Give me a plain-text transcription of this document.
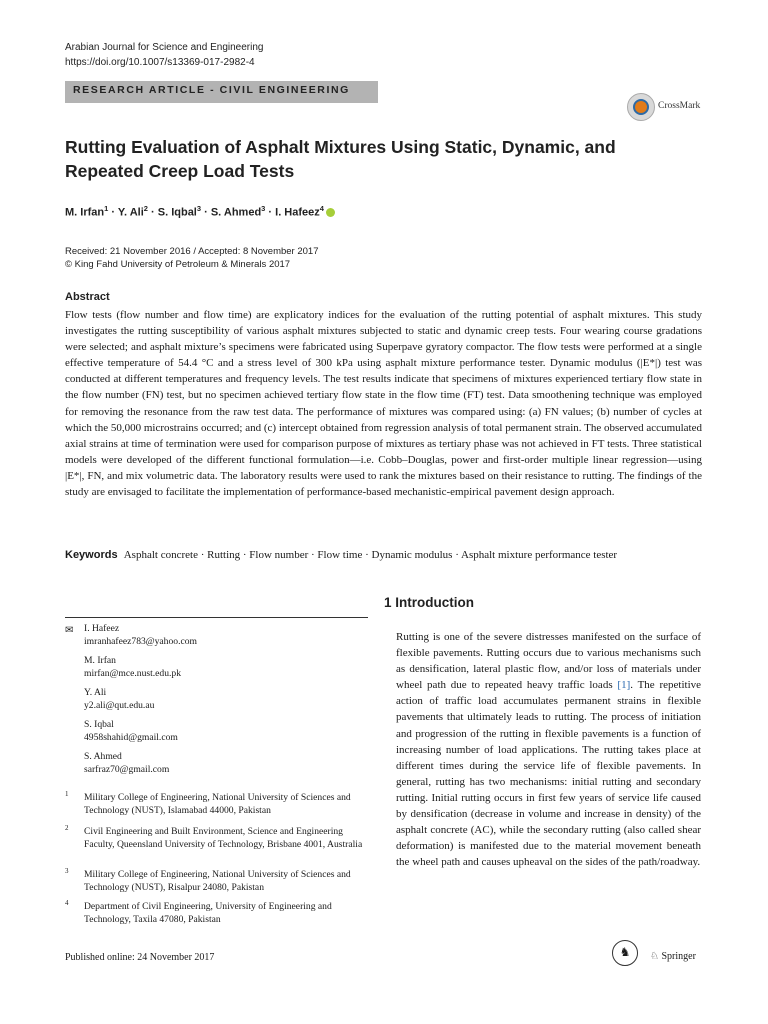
Arabian Journal for Science and Engineering
https://doi.org/10.1007/s13369-017-2982-4
RESEARCH ARTICLE - CIVIL ENGINEERING
CrossMark
Rutting Evaluation of Asphalt Mixtures Using Static, Dynamic, and Repeated Creep Load Tests
M. Irfan$^1$ · Y. Ali$^2$ · S. Iqbal$^3$ · S. Ahmed$^3$ · I. Hafeez$^4$
Received: 21 November 2016 / Accepted: 8 November 2017
© King Fahd University of Petroleum & Minerals 2017
Abstract
Flow tests (flow number and flow time) are explicatory indices for the evaluation of the rutting potential of asphalt mixtures. This study investigates the rutting susceptibility of various asphalt mixtures subjected to static and dynamic creep tests. Four wearing course gradations were selected; and asphalt mixture’s specimens were fabricated using Superpave gyratory compactor. The flow tests were performed at a single effective temperature of 54.4 °C and a stress level of 300 kPa using asphalt mixture performance tester. Dynamic modulus (|E*|) test was conducted at different temperatures and frequency levels. The test results indicate that specimens of mixtures experienced tertiary flow state in the flow number (FN) test, but no specimen achieved tertiary flow state in the flow time (FT) test. Data smoothening technique was employed for removing the resonance from the raw test data. The performance of mixtures was compared using: (a) FN values; (b) number of cycles at which the 50,000 microstrains occurred; and (c) intercept obtained from regression analysis of total permanent strain. The observed accumulated axial strains at time of termination were used for comparison purpose of mixtures as tertiary phase was not achieved in FT tests. Three statistical models were developed of the different functional formulation—i.e. Cobb–Douglas, power and first-order multiple linear regression—using |E*|, FN, and mix volumetric data. The laboratory results were used to rank the mixtures based on their resistance to rutting. The findings of the study are envisaged to facilitate the implementation of performance-based mechanistic-empirical pavement design approach.
Keywords Asphalt concrete · Rutting · Flow number · Flow time · Dynamic modulus · Asphalt mixture performance tester
✉ I. Hafeez
imranhafeez783@yahoo.com
M. Irfan
mirfan@mce.nust.edu.pk
Y. Ali
y2.ali@qut.edu.au
S. Iqbal
4958shahid@gmail.com
S. Ahmed
sarfraz70@gmail.com
1 Military College of Engineering, National University of Sciences and Technology (NUST), Islamabad 44000, Pakistan
2 Civil Engineering and Built Environment, Science and Engineering Faculty, Queensland University of Technology, Brisbane 4001, Australia
3 Military College of Engineering, National University of Sciences and Technology (NUST), Risalpur 24080, Pakistan
4 Department of Civil Engineering, University of Engineering and Technology, Taxila 47080, Pakistan
1 Introduction
Rutting is one of the severe distresses manifested on the surface of flexible pavements. Rutting occurs due to various mechanisms such as densification, lateral plastic flow, and/or loss of materials under wheel path due to repeated heavy traffic loads [1]. The repetitive action of traffic load accumulates permanent strains in flexible pavements that ultimately leads to rutting. The process of initiation and progression of the rutting in flexible pavements is a function of increasing number of load applications. The rutting takes place at different times during the service life of flexible pavements. In general, rutting has two mechanisms: initial rutting and secondary rutting. Initial rutting occurs in first few years of service life caused by densification (decrease in volume and increase in density) of the asphalt concrete (AC), while the secondary rutting (also called shear deformation) is manifested due to the material movement beneath the wheel path and causes upheaval on the sides of the path/roadway.
Published online: 24 November 2017	♞	♘ Springer
